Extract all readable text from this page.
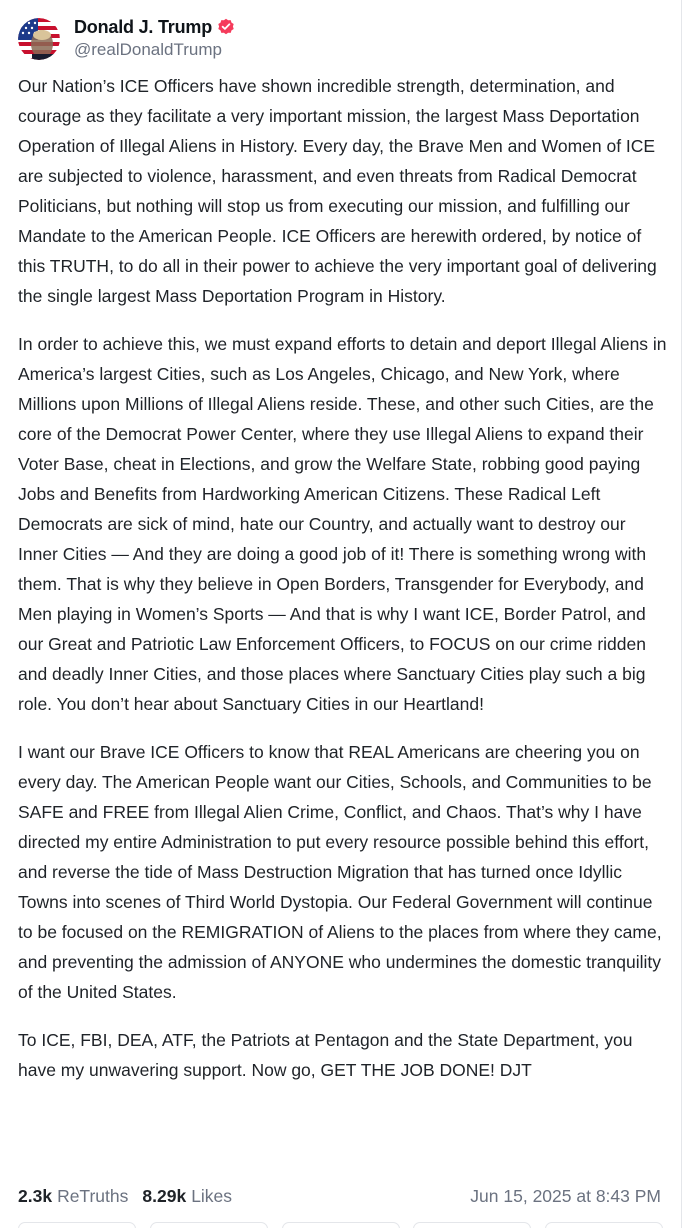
Donald J. Trump
@realDonaldTrump

Our Nation’s ICE Officers have shown incredible strength, determination, and courage as they facilitate a very important mission, the largest Mass Deportation Operation of Illegal Aliens in History. Every day, the Brave Men and Women of ICE are subjected to violence, harassment, and even threats from Radical Democrat Politicians, but nothing will stop us from executing our mission, and fulfilling our Mandate to the American People. ICE Officers are herewith ordered, by notice of this TRUTH, to do all in their power to achieve the very important goal of delivering the single largest Mass Deportation Program in History.

In order to achieve this, we must expand efforts to detain and deport Illegal Aliens in America’s largest Cities, such as Los Angeles, Chicago, and New York, where Millions upon Millions of Illegal Aliens reside. These, and other such Cities, are the core of the Democrat Power Center, where they use Illegal Aliens to expand their Voter Base, cheat in Elections, and grow the Welfare State, robbing good paying Jobs and Benefits from Hardworking American Citizens. These Radical Left Democrats are sick of mind, hate our Country, and actually want to destroy our Inner Cities — And they are doing a good job of it! There is something wrong with them. That is why they believe in Open Borders, Transgender for Everybody, and Men playing in Women’s Sports — And that is why I want ICE, Border Patrol, and our Great and Patriotic Law Enforcement Officers, to FOCUS on our crime ridden and deadly Inner Cities, and those places where Sanctuary Cities play such a big role. You don’t hear about Sanctuary Cities in our Heartland!

I want our Brave ICE Officers to know that REAL Americans are cheering you on every day. The American People want our Cities, Schools, and Communities to be SAFE and FREE from Illegal Alien Crime, Conflict, and Chaos. That’s why I have directed my entire Administration to put every resource possible behind this effort, and reverse the tide of Mass Destruction Migration that has turned once Idyllic Towns into scenes of Third World Dystopia. Our Federal Government will continue to be focused on the REMIGRATION of Aliens to the places from where they came, and preventing the admission of ANYONE who undermines the domestic tranquility of the United States.

To ICE, FBI, DEA, ATF, the Patriots at Pentagon and the State Department, you have my unwavering support. Now go, GET THE JOB DONE! DJT

2.3k ReTruths 8.29k Likes	Jun 15, 2025 at 8:43 PM
